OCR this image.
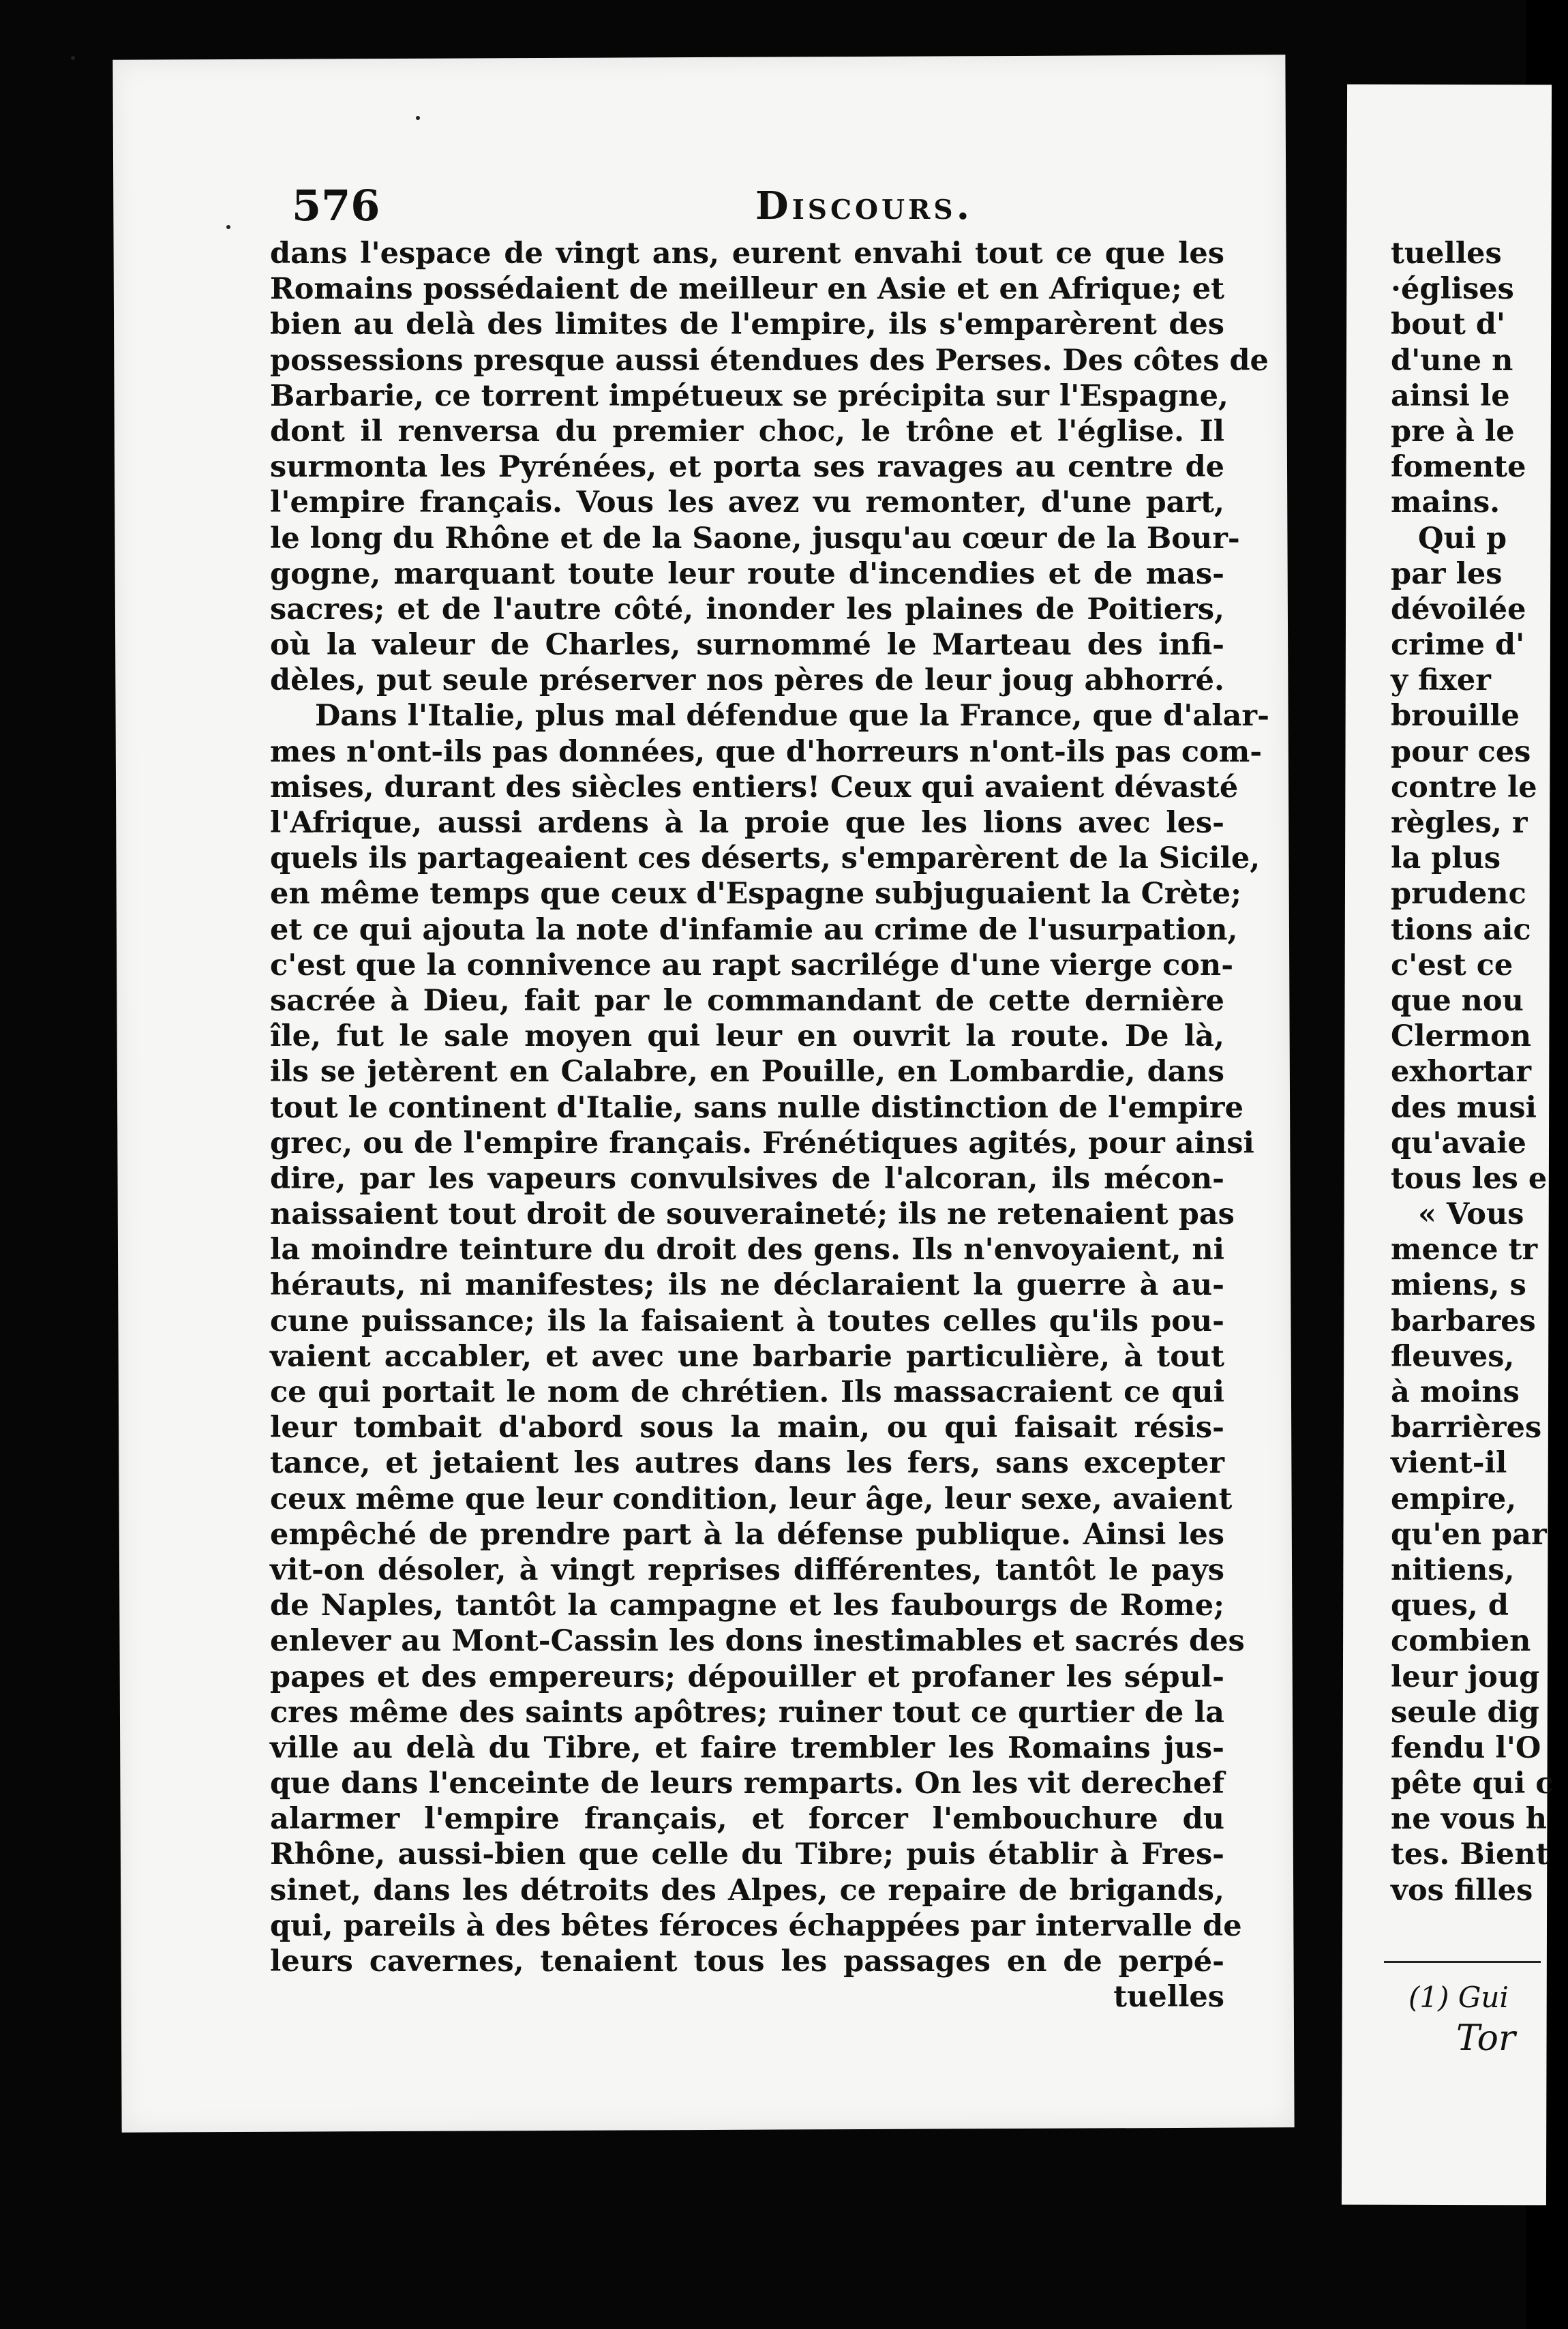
576	Discours.
dans l'espace de vingt ans, eurent envahi tout ce que les
Romains possédaient de meilleur en Asie et en Afrique; et
bien au delà des limites de l'empire, ils s'emparèrent des
possessions presque aussi étendues des Perses. Des côtes de
Barbarie, ce torrent impétueux se précipita sur l'Espagne,
dont il renversa du premier choc, le trône et l'église. Il
surmonta les Pyrénées, et porta ses ravages au centre de
l'empire français. Vous les avez vu remonter, d'une part,
le long du Rhône et de la Saone, jusqu'au cœur de la Bour-
gogne, marquant toute leur route d'incendies et de mas-
sacres; et de l'autre côté, inonder les plaines de Poitiers,
où la valeur de Charles, surnommé le Marteau des infi-
dèles, put seule préserver nos pères de leur joug abhorré.
Dans l'Italie, plus mal défendue que la France, que d'alar-
mes n'ont-ils pas données, que d'horreurs n'ont-ils pas com-
mises, durant des siècles entiers! Ceux qui avaient dévasté
l'Afrique, aussi ardens à la proie que les lions avec les-
quels ils partageaient ces déserts, s'emparèrent de la Sicile,
en même temps que ceux d'Espagne subjuguaient la Crète;
et ce qui ajouta la note d'infamie au crime de l'usurpation,
c'est que la connivence au rapt sacrilége d'une vierge con-
sacrée à Dieu, fait par le commandant de cette dernière
île, fut le sale moyen qui leur en ouvrit la route. De là,
ils se jetèrent en Calabre, en Pouille, en Lombardie, dans
tout le continent d'Italie, sans nulle distinction de l'empire
grec, ou de l'empire français. Frénétiques agités, pour ainsi
dire, par les vapeurs convulsives de l'alcoran, ils mécon-
naissaient tout droit de souveraineté; ils ne retenaient pas
la moindre teinture du droit des gens. Ils n'envoyaient, ni
hérauts, ni manifestes; ils ne déclaraient la guerre à au-
cune puissance; ils la faisaient à toutes celles qu'ils pou-
vaient accabler, et avec une barbarie particulière, à tout
ce qui portait le nom de chrétien. Ils massacraient ce qui
leur tombait d'abord sous la main, ou qui faisait résis-
tance, et jetaient les autres dans les fers, sans excepter
ceux même que leur condition, leur âge, leur sexe, avaient
empêché de prendre part à la défense publique. Ainsi les
vit-on désoler, à vingt reprises différentes, tantôt le pays
de Naples, tantôt la campagne et les faubourgs de Rome;
enlever au Mont-Cassin les dons inestimables et sacrés des
papes et des empereurs; dépouiller et profaner les sépul-
cres même des saints apôtres; ruiner tout ce qurtier de la
ville au delà du Tibre, et faire trembler les Romains jus-
que dans l'enceinte de leurs remparts. On les vit derechef
alarmer l'empire français, et forcer l'embouchure du
Rhône, aussi-bien que celle du Tibre; puis établir à Fres-
sinet, dans les détroits des Alpes, ce repaire de brigands,
qui, pareils à des bêtes féroces échappées par intervalle de
leurs cavernes, tenaient tous les passages en de perpé-
tuelles
tuelles
·églises
bout d'
d'une n
ainsi le
pre à le
fomente
mains.
Qui p
par les
dévoilée
crime d'
y fixer
brouille
pour ces
contre le
règles, r
la plus
prudenc
tions aic
c'est ce
que nou
Clermon
exhortar
des musi
qu'avaie
tous les e
« Vous
mence tr
miens, s
barbares
fleuves,
à moins
barrières
vient-il
empire,
qu'en par
nitiens,
ques, d
combien
leur joug
seule dig
fendu l'O
pête qui c
ne vous h
tes. Bient
vos filles
(1) Gui
Tor
